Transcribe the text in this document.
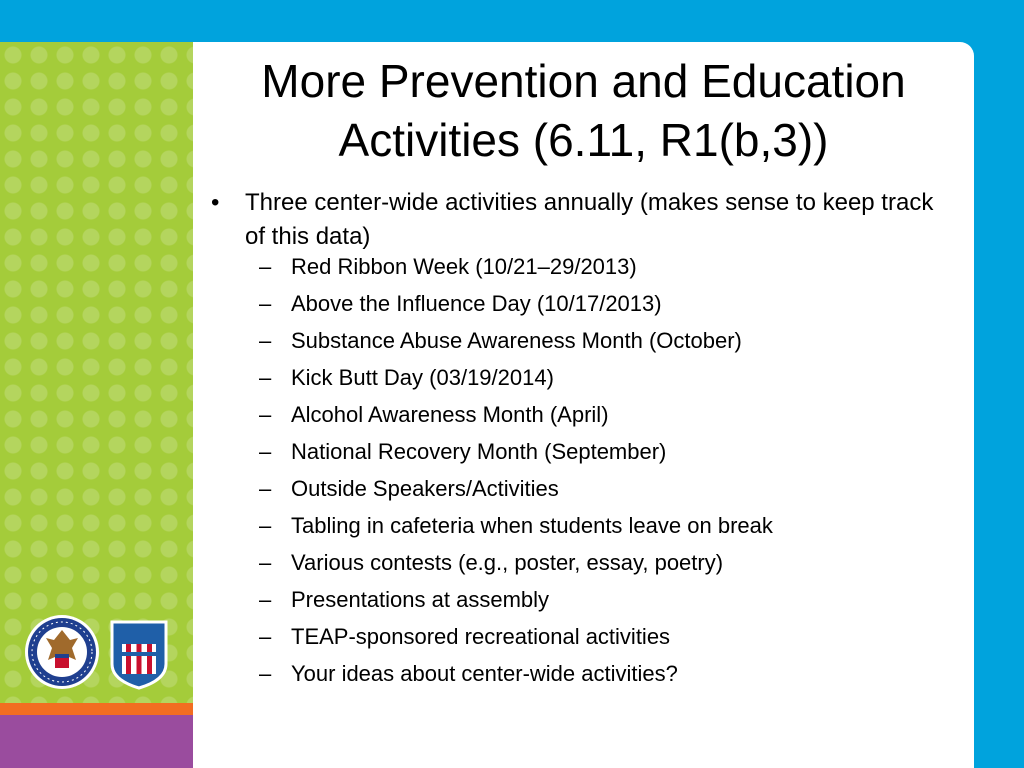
More Prevention and Education
Activities (6.11, R1(b,3))
• Three center-wide activities annually (makes sense to keep track of this data)
– Red Ribbon Week (10/21–29/2013)
– Above the Influence Day (10/17/2013)
– Substance Abuse Awareness Month (October)
– Kick Butt Day (03/19/2014)
– Alcohol Awareness Month (April)
– National Recovery Month (September)
– Outside Speakers/Activities
– Tabling in cafeteria when students leave on break
– Various contests (e.g., poster, essay, poetry)
– Presentations at assembly
– TEAP-sponsored recreational activities
– Your ideas about center-wide activities?
